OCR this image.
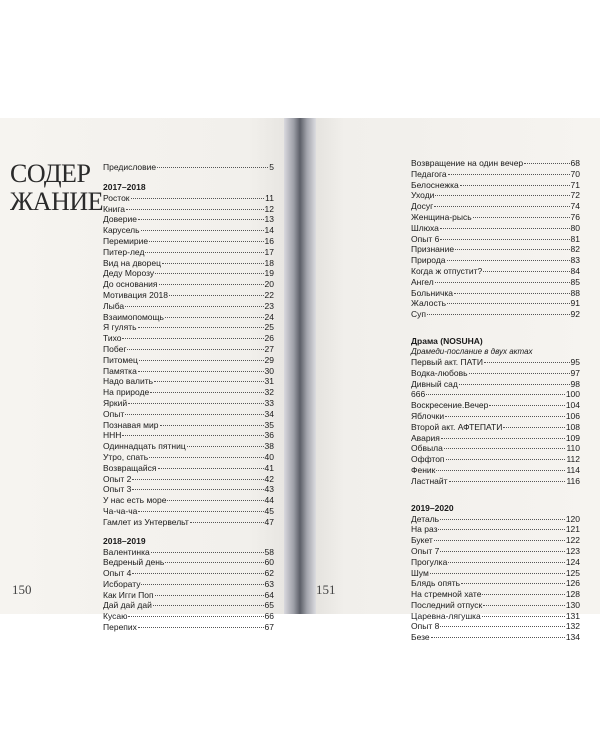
СОДЕР
ЖАНИЕ
Предисловие	5
2017–2018
Росток	11
Книга	12
Доверие	13
Карусель	14
Перемирие	16
Питер-лед	17
Вид на дворец	18
Деду Морозу	19
До основания	20
Мотивация 2018	22
Лыба	23
Взаимопомощь	24
Я гулять	25
Тихо	26
Побег	27
Питомец	29
Памятка	30
Надо валить	31
На природе	32
Яркий	33
Опыт	34
Познавая мир	35
ННН	36
Одиннадцать пятниц	38
Утро, спать	40
Возвращайся	41
Опыт 2	42
Опыт 3	43
У нас есть море	44
Ча-ча-ча	45
Гамлет из Унтервельт	47
2018–2019
Валентинка	58
Ведреный день	60
Опыт 4	62
Исборату	63
Как Игги Поп	64
Дай дай дай	65
Кусаю	66
Перепих	67
150	151
Возвращение на один вечер	68
Педагога	70
Белоснежка	71
Уходи	72
Досуг	74
Женщина-рысь	76
Шлюха	80
Опыт 6	81
Признание	82
Природа	83
Когда ж отпустит?	84
Ангел	85
Больничка	88
Жалость	91
Суп	92
Драма (NOSUHA)
Драмеди-послание в двух актах
Первый акт. ПАТИ	95
Водка-любовь	97
Дивный сад	98
666	100
Воскресение.Вечер	104
Яблочки	106
Второй акт. АФТЕПАТИ	108
Авария	109
Обвыла	110
Оффтоп	112
Феник	114
Ластнайт	116
2019–2020
Деталь	120
На раз	121
Букет	122
Опыт 7	123
Прогулка	124
Шум	125
Блядь опять	126
На стремной хате	128
Последний отпуск	130
Царевна-лягушка	131
Опыт 8	132
Безе	134
